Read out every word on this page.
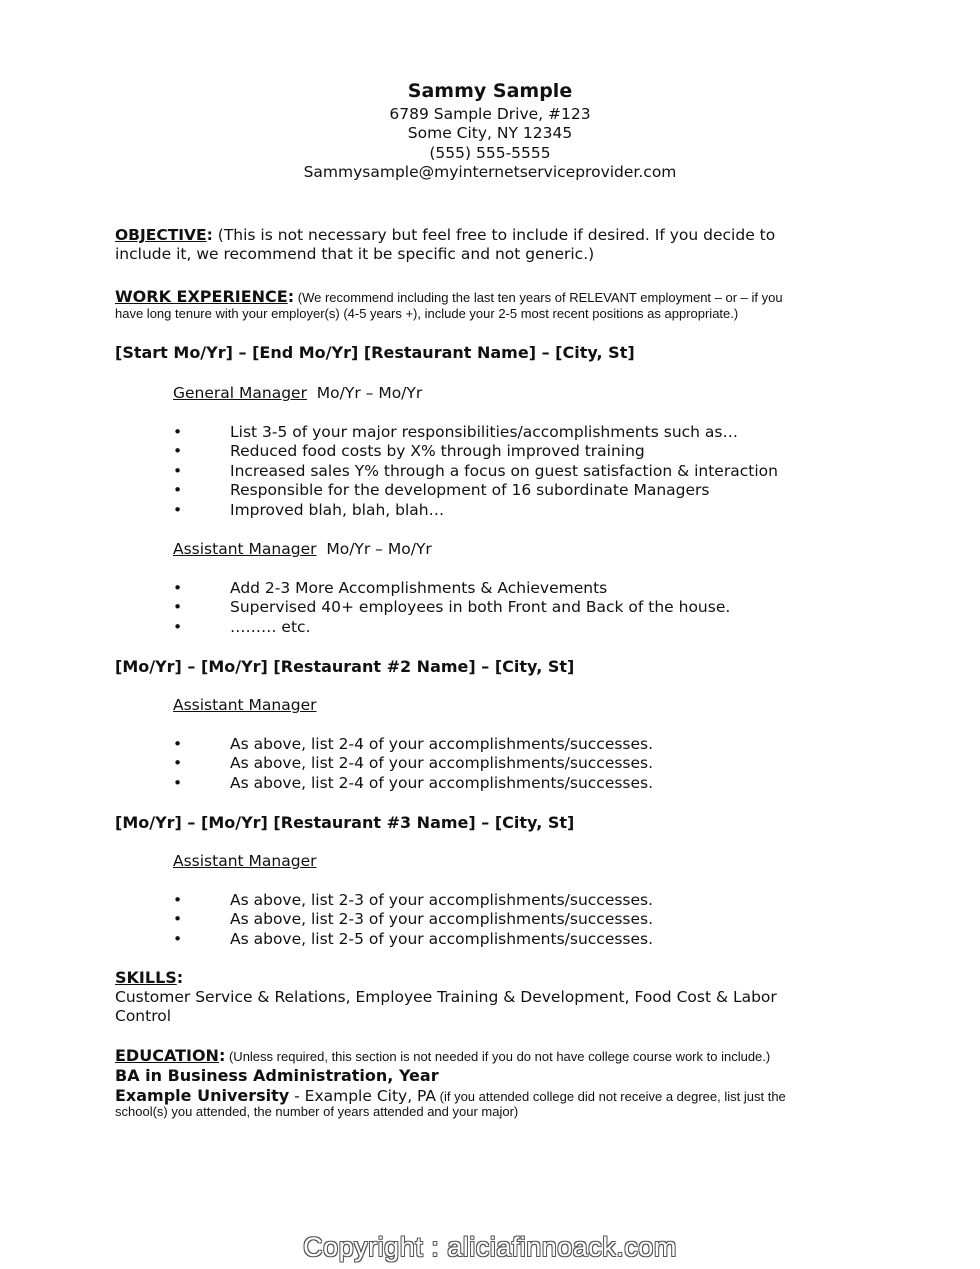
Sammy Sample
6789 Sample Drive, #123
Some City, NY 12345
(555) 555-5555
Sammysample@myinternetserviceprovider.com
OBJECTIVE: (This is not necessary but feel free to include if desired. If you decide to
include it, we recommend that it be specific and not generic.)
WORK EXPERIENCE: (We recommend including the last ten years of RELEVANT employment – or – if you
have long tenure with your employer(s) (4-5 years +), include your 2-5 most recent positions as appropriate.)
[Start Mo/Yr] – [End Mo/Yr] [Restaurant Name] – [City, St]
General Manager  Mo/Yr – Mo/Yr
•	List 3-5 of your major responsibilities/accomplishments such as…
•	Reduced food costs by X% through improved training
•	Increased sales Y% through a focus on guest satisfaction & interaction
•	Responsible for the development of 16 subordinate Managers
•	Improved blah, blah, blah…
Assistant Manager  Mo/Yr – Mo/Yr
•	Add 2-3 More Accomplishments & Achievements
•	Supervised 40+ employees in both Front and Back of the house.
•	……… etc.
[Mo/Yr] – [Mo/Yr] [Restaurant #2 Name] – [City, St]
Assistant Manager
•	As above, list 2-4 of your accomplishments/successes.
•	As above, list 2-4 of your accomplishments/successes.
•	As above, list 2-4 of your accomplishments/successes.
[Mo/Yr] – [Mo/Yr] [Restaurant #3 Name] – [City, St]
Assistant Manager
•	As above, list 2-3 of your accomplishments/successes.
•	As above, list 2-3 of your accomplishments/successes.
•	As above, list 2-5 of your accomplishments/successes.
SKILLS:
Customer Service & Relations, Employee Training & Development, Food Cost & Labor
Control
EDUCATION: (Unless required, this section is not needed if you do not have college course work to include.)
BA in Business Administration, Year
Example University - Example City, PA (if you attended college did not receive a degree, list just the
school(s) you attended, the number of years attended and your major)
Copyright : aliciafinnoack.com
